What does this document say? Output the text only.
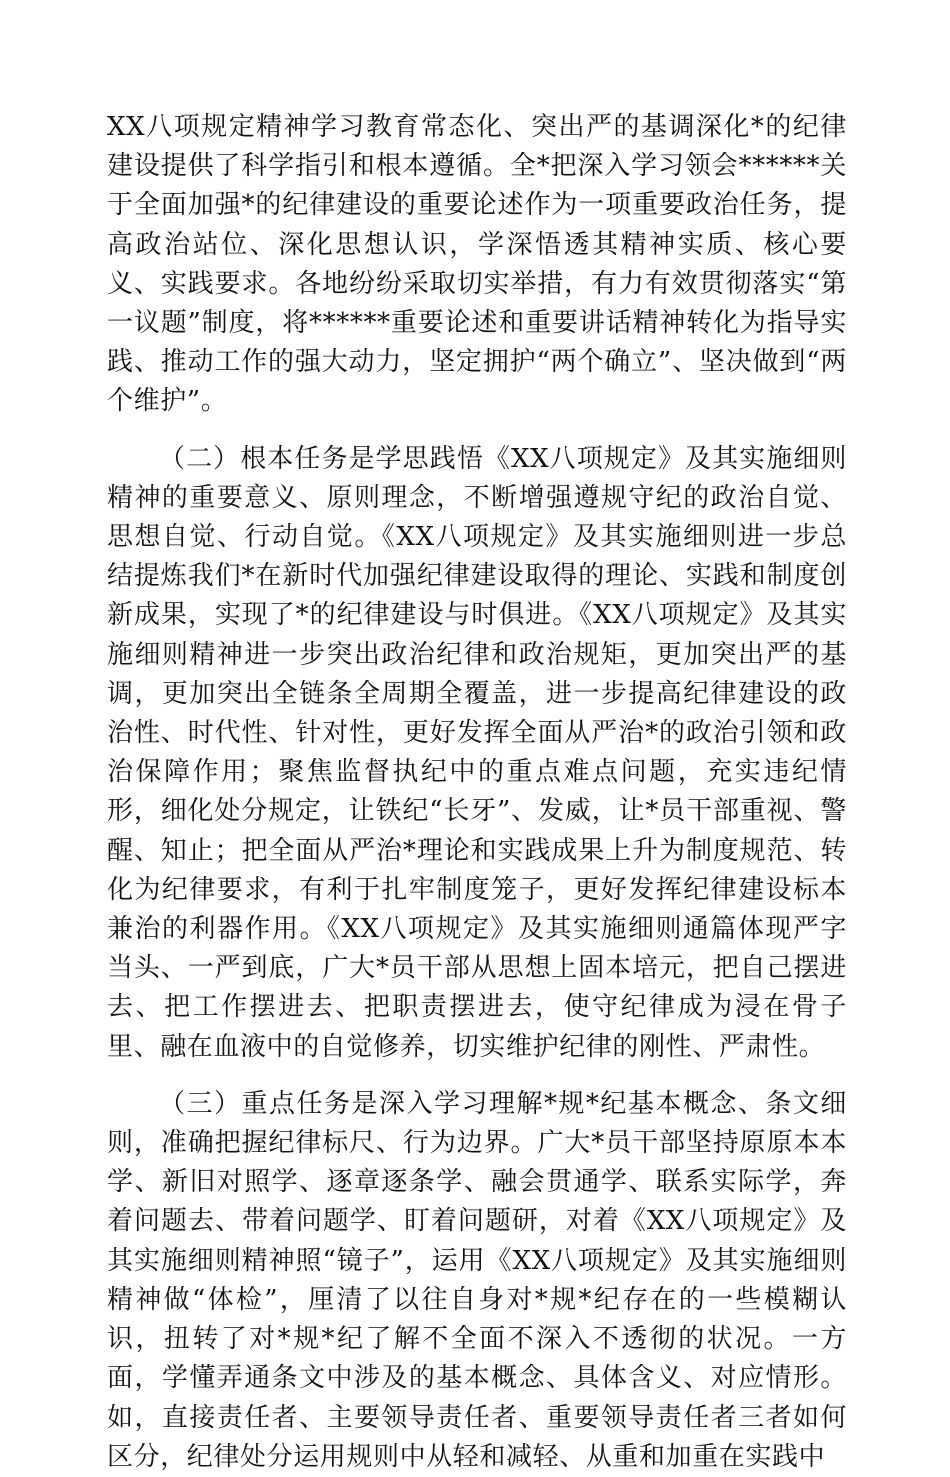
XX八项规定精神学习教育常态化、突出严的基调深化*的纪律建设提供了科学指引和根本遵循。全*把深入学习领会******关于全面加强*的纪律建设的重要论述作为一项重要政治任务，提高政治站位、深化思想认识，学深悟透其精神实质、核心要义、实践要求。各地纷纷采取切实举措，有力有效贯彻落实“第一议题”制度，将******重要论述和重要讲话精神转化为指导实践、推动工作的强大动力，坚定拥护“两个确立”、坚决做到“两个维护”。

（二）根本任务是学思践悟《XX八项规定》及其实施细则精神的重要意义、原则理念，不断增强遵规守纪的政治自觉、思想自觉、行动自觉。《XX八项规定》及其实施细则进一步总结提炼我们*在新时代加强纪律建设取得的理论、实践和制度创新成果，实现了*的纪律建设与时俱进。《XX八项规定》及其实施细则精神进一步突出政治纪律和政治规矩，更加突出严的基调，更加突出全链条全周期全覆盖，进一步提高纪律建设的政治性、时代性、针对性，更好发挥全面从严治*的政治引领和政治保障作用；聚焦监督执纪中的重点难点问题，充实违纪情形，细化处分规定，让铁纪“长牙”、发威，让*员干部重视、警醒、知止；把全面从严治*理论和实践成果上升为制度规范、转化为纪律要求，有利于扎牢制度笼子，更好发挥纪律建设标本兼治的利器作用。《XX八项规定》及其实施细则通篇体现严字当头、一严到底，广大*员干部从思想上固本培元，把自己摆进去、把工作摆进去、把职责摆进去，使守纪律成为浸在骨子里、融在血液中的自觉修养，切实维护纪律的刚性、严肃性。

（三）重点任务是深入学习理解*规*纪基本概念、条文细则，准确把握纪律标尺、行为边界。广大*员干部坚持原原本本学、新旧对照学、逐章逐条学、融会贯通学、联系实际学，奔着问题去、带着问题学、盯着问题研，对着《XX八项规定》及其实施细则精神照“镜子”，运用《XX八项规定》及其实施细则精神做“体检”，厘清了以往自身对*规*纪存在的一些模糊认识，扭转了对*规*纪了解不全面不深入不透彻的状况。一方面，学懂弄通条文中涉及的基本概念、具体含义、对应情形。如，直接责任者、主要领导责任者、重要领导责任者三者如何区分，纪律处分运用规则中从轻和减轻、从重和加重在实践中
